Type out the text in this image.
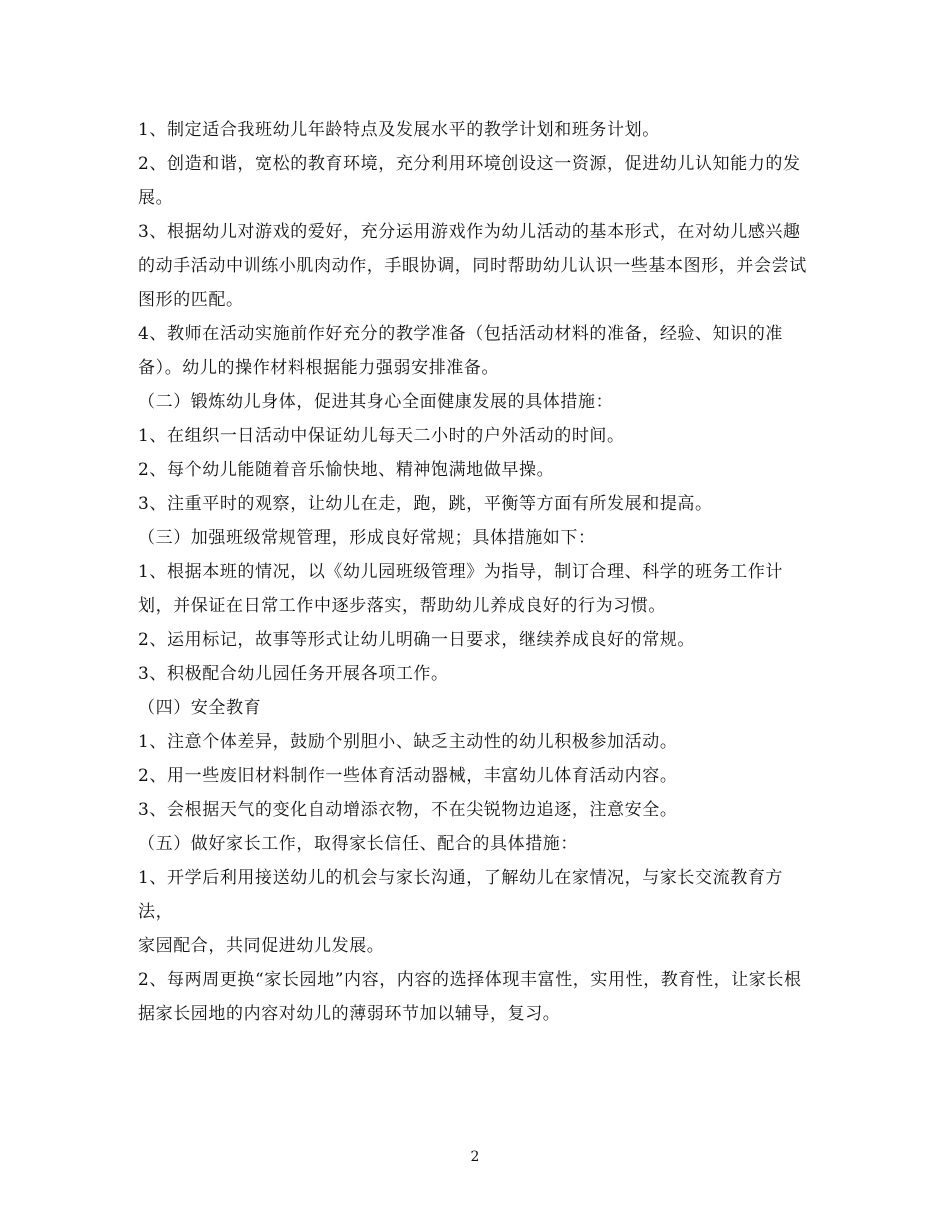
1、制定适合我班幼儿年龄特点及发展水平的教学计划和班务计划。

2、创造和谐，宽松的教育环境，充分利用环境创设这一资源，促进幼儿认知能力的发展。

3、根据幼儿对游戏的爱好，充分运用游戏作为幼儿活动的基本形式，在对幼儿感兴趣的动手活动中训练小肌肉动作，手眼协调，同时帮助幼儿认识一些基本图形，并会尝试图形的匹配。

4、教师在活动实施前作好充分的教学准备（包括活动材料的准备，经验、知识的准备）。幼儿的操作材料根据能力强弱安排准备。

（二）锻炼幼儿身体，促进其身心全面健康发展的具体措施：

1、在组织一日活动中保证幼儿每天二小时的户外活动的时间。

2、每个幼儿能随着音乐愉快地、精神饱满地做早操。

3、注重平时的观察，让幼儿在走，跑，跳，平衡等方面有所发展和提高。

（三）加强班级常规管理，形成良好常规；具体措施如下：

1、根据本班的情况，以《幼儿园班级管理》为指导，制订合理、科学的班务工作计划，并保证在日常工作中逐步落实，帮助幼儿养成良好的行为习惯。

2、运用标记，故事等形式让幼儿明确一日要求，继续养成良好的常规。

3、积极配合幼儿园任务开展各项工作。

（四）安全教育

1、注意个体差异，鼓励个别胆小、缺乏主动性的幼儿积极参加活动。

2、用一些废旧材料制作一些体育活动器械，丰富幼儿体育活动内容。

3、会根据天气的变化自动增添衣物，不在尖锐物边追逐，注意安全。

（五）做好家长工作，取得家长信任、配合的具体措施：

1、开学后利用接送幼儿的机会与家长沟通，了解幼儿在家情况，与家长交流教育方法，

家园配合，共同促进幼儿发展。

2、每两周更换“家长园地”内容，内容的选择体现丰富性，实用性，教育性，让家长根据家长园地的内容对幼儿的薄弱环节加以辅导，复习。

2
